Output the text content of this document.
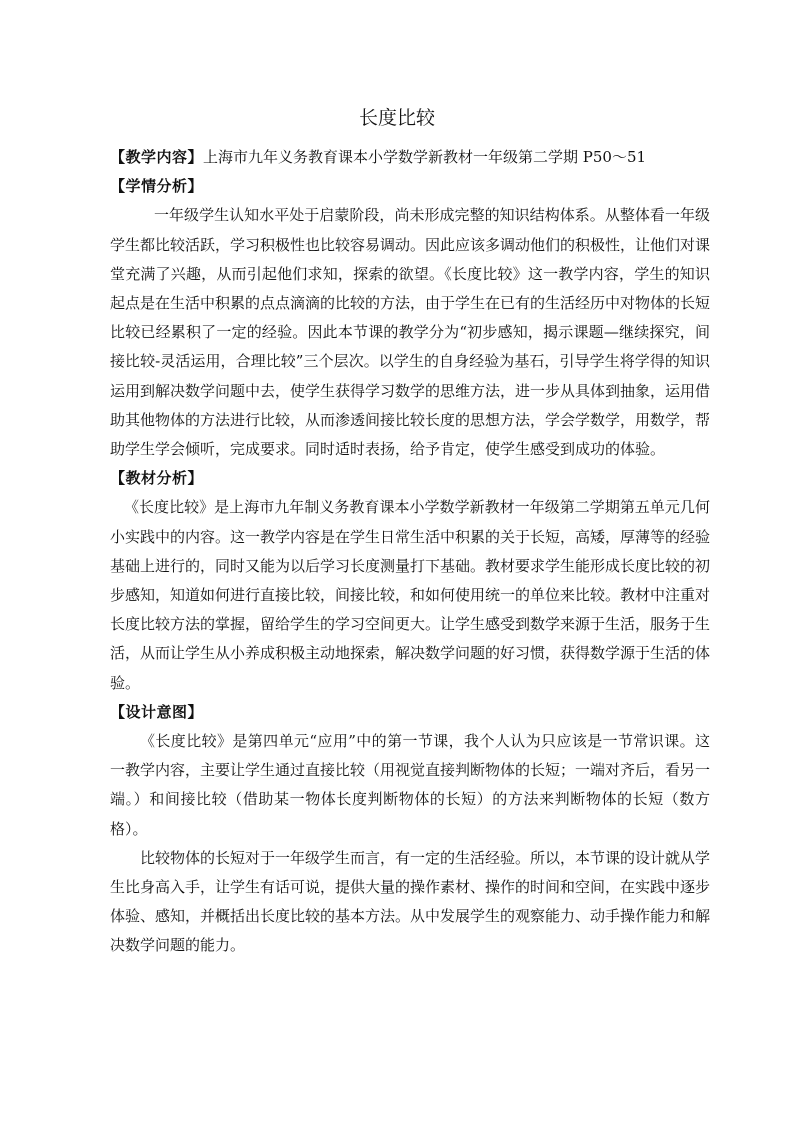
长度比较
【教学内容】上海市九年义务教育课本小学数学新教材一年级第二学期 P50～51
【学情分析】

一年级学生认知水平处于启蒙阶段，尚未形成完整的知识结构体系。从整体看一年级学生都比较活跃，学习积极性也比较容易调动。因此应该多调动他们的积极性，让他们对课堂充满了兴趣，从而引起他们求知，探索的欲望。《长度比较》这一教学内容，学生的知识起点是在生活中积累的点点滴滴的比较的方法，由于学生在已有的生活经历中对物体的长短比较已经累积了一定的经验。因此本节课的教学分为“初步感知，揭示课题—继续探究，间接比较-灵活运用，合理比较”三个层次。以学生的自身经验为基石，引导学生将学得的知识运用到解决数学问题中去，使学生获得学习数学的思维方法，进一步从具体到抽象，运用借助其他物体的方法进行比较，从而渗透间接比较长度的思想方法，学会学数学，用数学，帮助学生学会倾听，完成要求。同时适时表扬，给予肯定，使学生感受到成功的体验。

【教材分析】

《长度比较》是上海市九年制义务教育课本小学数学新教材一年级第二学期第五单元几何小实践中的内容。这一教学内容是在学生日常生活中积累的关于长短，高矮，厚薄等的经验基础上进行的，同时又能为以后学习长度测量打下基础。教材要求学生能形成长度比较的初步感知，知道如何进行直接比较，间接比较，和如何使用统一的单位来比较。教材中注重对长度比较方法的掌握，留给学生的学习空间更大。让学生感受到数学来源于生活，服务于生活，从而让学生从小养成积极主动地探索，解决数学问题的好习惯，获得数学源于生活的体验。

【设计意图】

《长度比较》是第四单元“应用”中的第一节课，我个人认为只应该是一节常识课。这一教学内容，主要让学生通过直接比较（用视觉直接判断物体的长短；一端对齐后，看另一端。）和间接比较（借助某一物体长度判断物体的长短）的方法来判断物体的长短（数方格）。

比较物体的长短对于一年级学生而言，有一定的生活经验。所以，本节课的设计就从学生比身高入手，让学生有话可说，提供大量的操作素材、操作的时间和空间，在实践中逐步体验、感知，并概括出长度比较的基本方法。从中发展学生的观察能力、动手操作能力和解决数学问题的能力。
